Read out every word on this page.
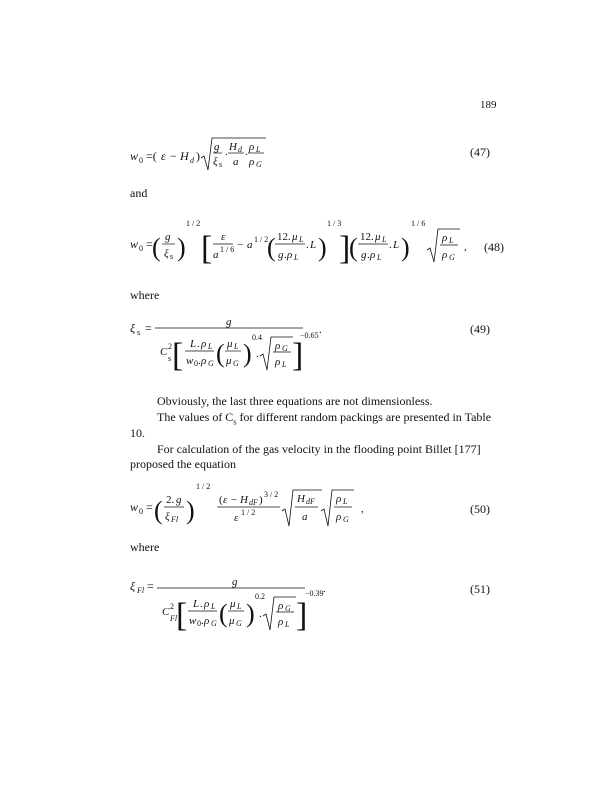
189
w 0 =( ε − H d )
g
ξ s
. H d
a
. ρ L
ρ G
(47)
and
w 0 = ( g
ξ s )
1 / 2
[ ε
a 1 / 6 − a 1 / 2
( 12. μ L
g . ρ L
. L )
1 / 3
]
( 12. μ L
g . ρ L
. L )
1 / 6
ρ L
ρ G
, (48)
where
ξ s =	g
C 2
s [ L . ρ L
w 0 . ρ G ( μ L
μ G )
0.4
.
ρ G
ρ L ]
−0.65 .	(49)
Obviously, the last three equations are not dimensionless.
The values of $C_s$ for different random packings are presented in Table
10.
For calculation of the gas velocity in the flooding point Billet [177]
proposed the equation
w 0 = ( 2. g
ξ Fl )
1 / 2
( ε − H dF ) 3 / 2
ε 1 / 2
H dF
a
ρ L
ρ G
,	(50)
where
ξ Fl =	g
C 2
Fl
[ L . ρ L
w 0 . ρ G ( μ L
μ G )
0.2
.
ρ G
ρ L ]
−0.39 .	(51)
